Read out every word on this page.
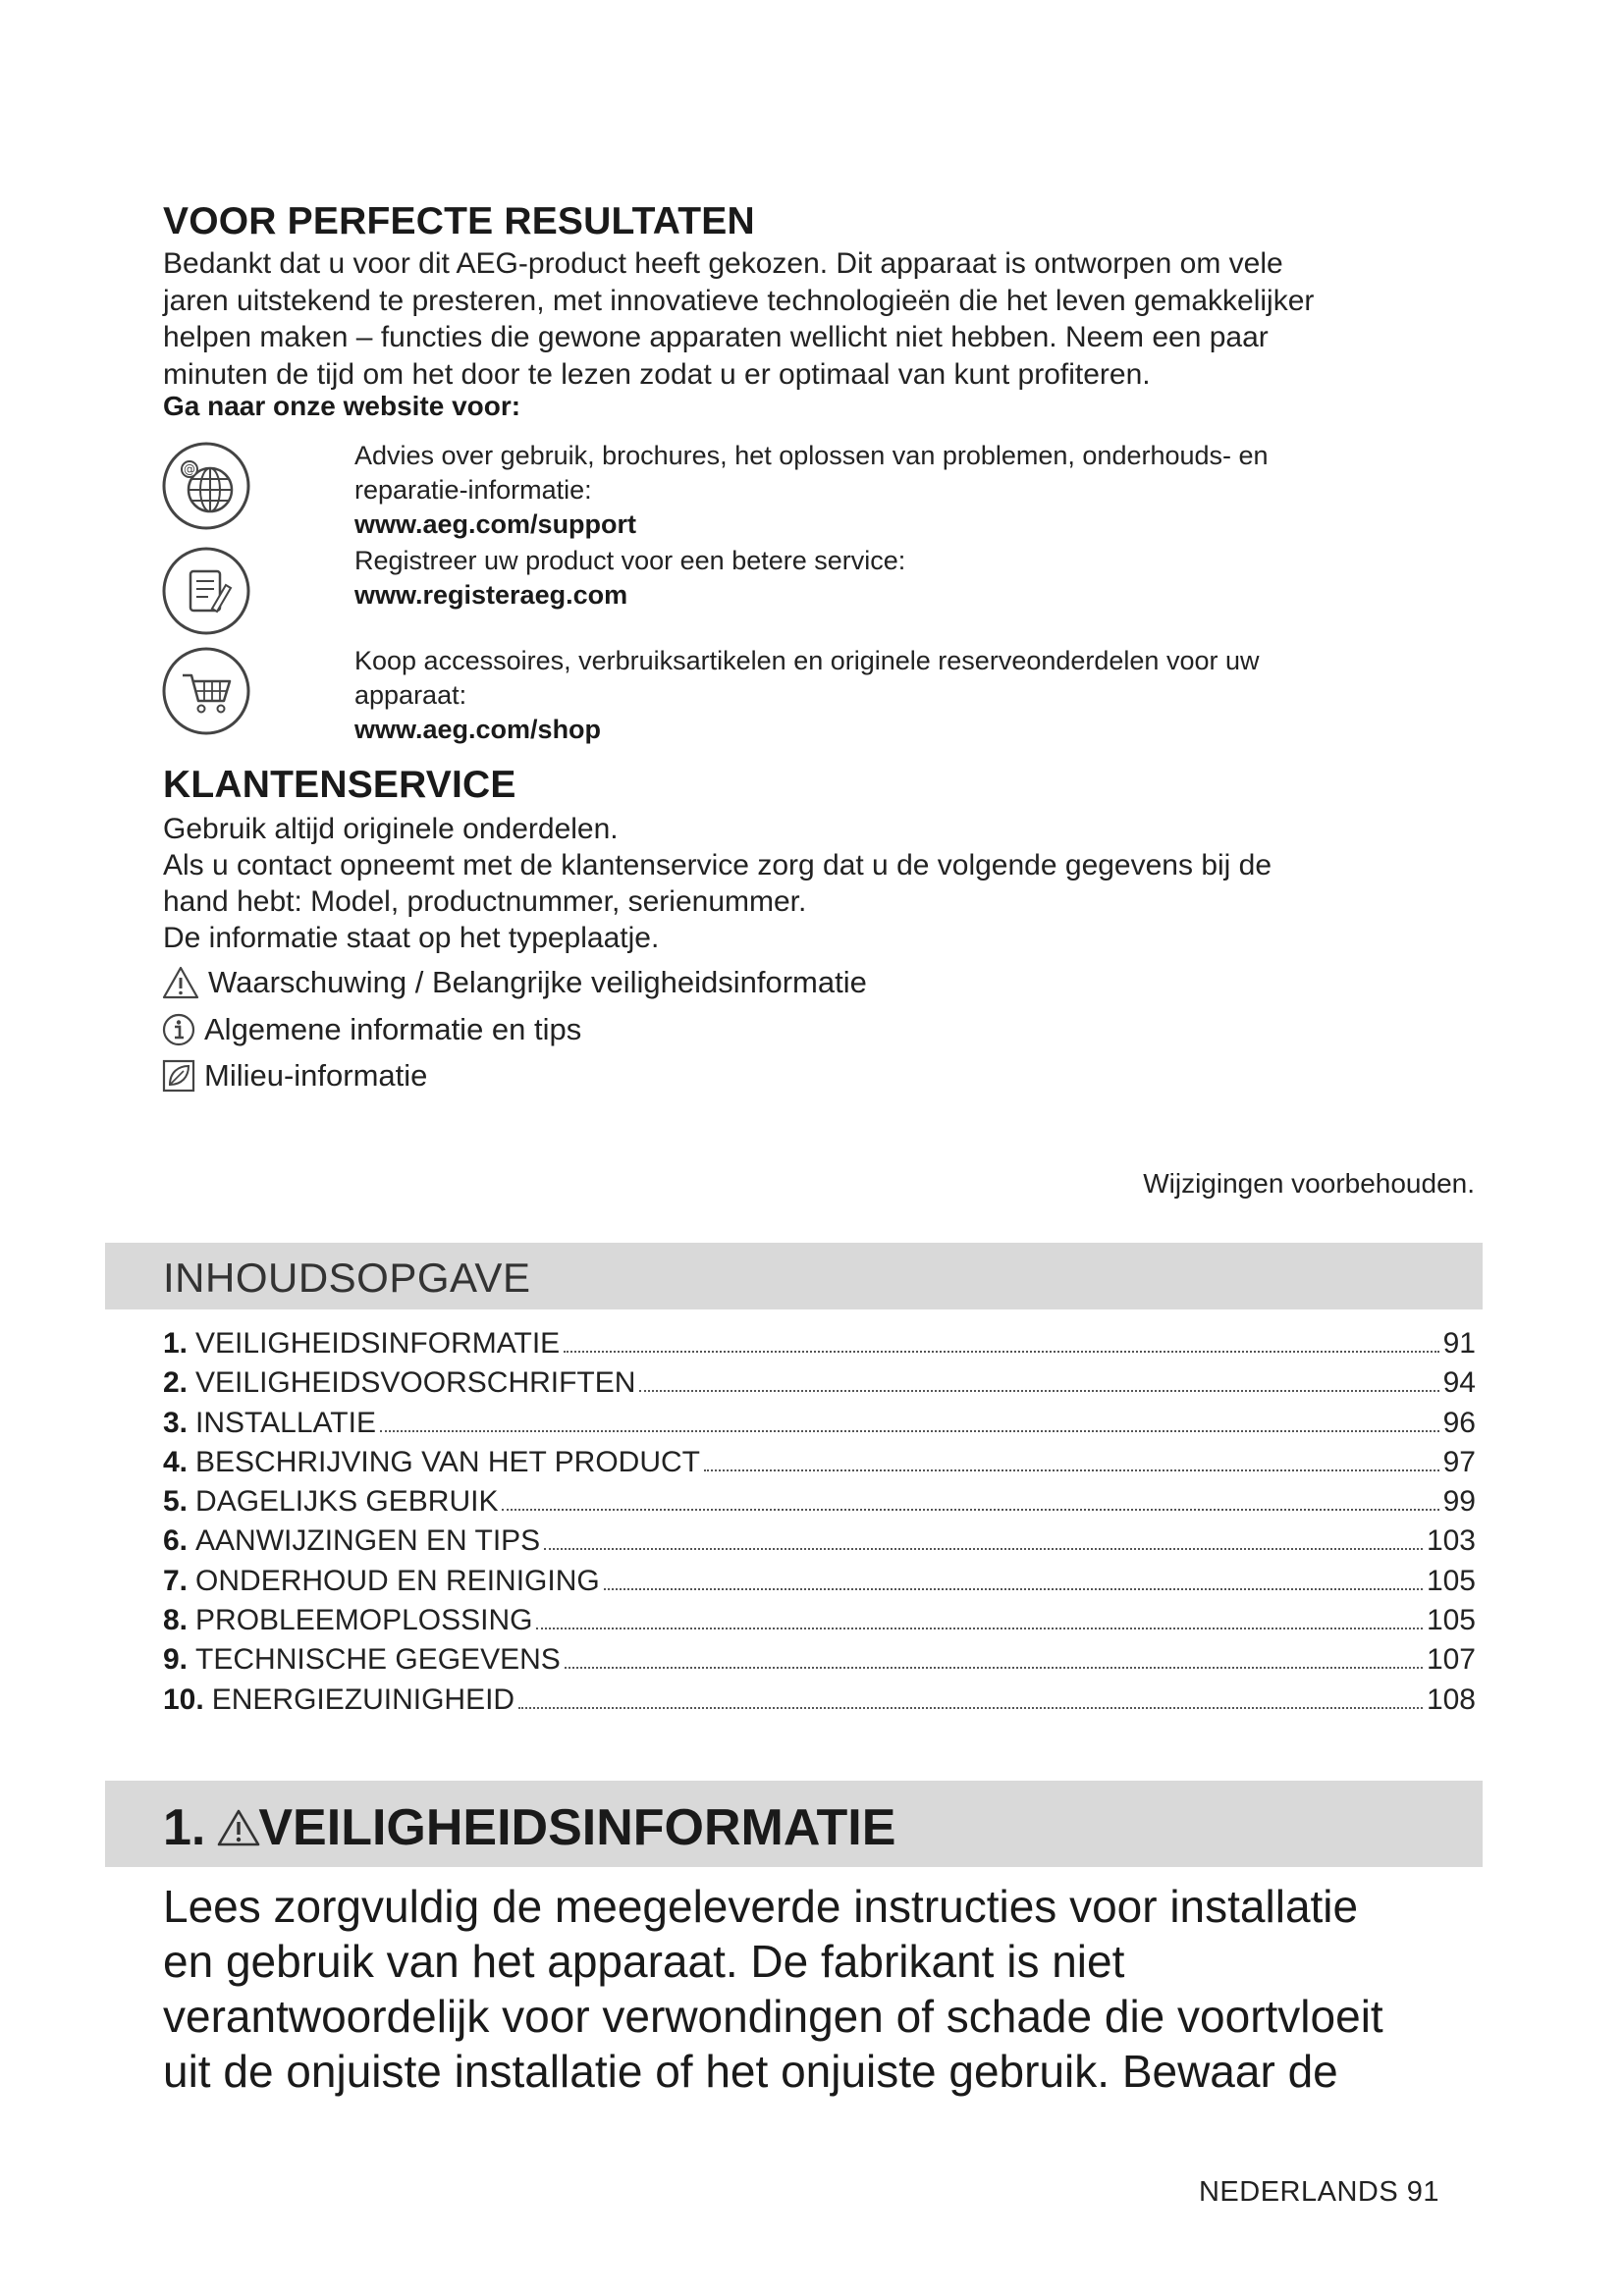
VOOR PERFECTE RESULTATEN
Bedankt dat u voor dit AEG-product heeft gekozen. Dit apparaat is ontworpen om vele
jaren uitstekend te presteren, met innovatieve technologieën die het leven gemakkelijker
helpen maken – functies die gewone apparaten wellicht niet hebben. Neem een paar
minuten de tijd om het door te lezen zodat u er optimaal van kunt profiteren.
Ga naar onze website voor:
@	Advies over gebruik, brochures, het oplossen van problemen, onderhouds- en
reparatie-informatie:
www.aeg.com/support
Registreer uw product voor een betere service:
www.registeraeg.com
Koop accessoires, verbruiksartikelen en originele reserveonderdelen voor uw
apparaat:
www.aeg.com/shop
KLANTENSERVICE
Gebruik altijd originele onderdelen.
Als u contact opneemt met de klantenservice zorg dat u de volgende gegevens bij de
hand hebt: Model, productnummer, serienummer.
De informatie staat op het typeplaatje.
Waarschuwing / Belangrijke veiligheidsinformatie
Algemene informatie en tips
Milieu-informatie
Wijzigingen voorbehouden.
INHOUDSOPGAVE
1. VEILIGHEIDSINFORMATIE	91
2. VEILIGHEIDSVOORSCHRIFTEN	94
3. INSTALLATIE	96
4. BESCHRIJVING VAN HET PRODUCT	97
5. DAGELIJKS GEBRUIK	99
6. AANWIJZINGEN EN TIPS	103
7. ONDERHOUD EN REINIGING	105
8. PROBLEEMOPLOSSING	105
9. TECHNISCHE GEGEVENS	107
10. ENERGIEZUINIGHEID	108
1. VEILIGHEIDSINFORMATIE
Lees zorgvuldig de meegeleverde instructies voor installatie
en gebruik van het apparaat. De fabrikant is niet
verantwoordelijk voor verwondingen of schade die voortvloeit
uit de onjuiste installatie of het onjuiste gebruik. Bewaar de
NEDERLANDS 91
